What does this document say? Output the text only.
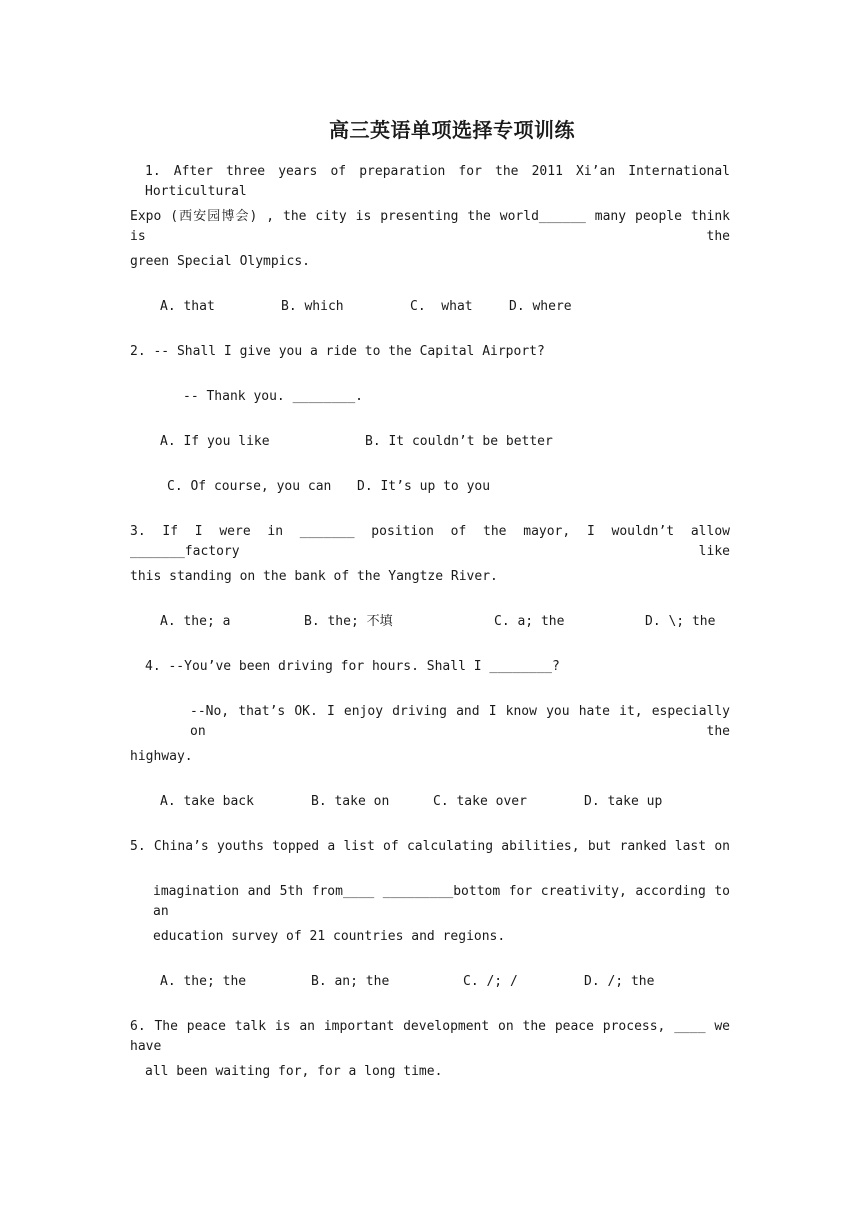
高三英语单项选择专项训练
1. After three years of preparation for the 2011 Xi’an International Horticultural
Expo (西安园博会) , the city is presenting the world______ many people think is the
green Special Olympics.
A. that	B. which	C.  what	D. where
2. -- Shall I give you a ride to the Capital Airport?
-- Thank you. ________.
A. If you like	B. It couldn’t be better
C. Of course, you can D. It’s up to you
3. If I were in _______ position of the mayor, I wouldn’t allow _______factory like
this standing on the bank of the Yangtze River.
A. the; a	B. the; 不填	C. a; the	D. \; the
4. --You’ve been driving for hours. Shall I ________?
--No, that’s OK. I enjoy driving and I know you hate it, especially on the
highway.
A. take back	B. take on	C. take over	D. take up
5. China’s youths topped a list of calculating abilities, but ranked last on
imagination and 5th from____ _________bottom for creativity, according to an
education survey of 21 countries and regions.
A. the; the	B. an; the	C. /; /	D. /; the
6. The peace talk is an important development on the peace process, ____ we have
all been waiting for, for a long time.
